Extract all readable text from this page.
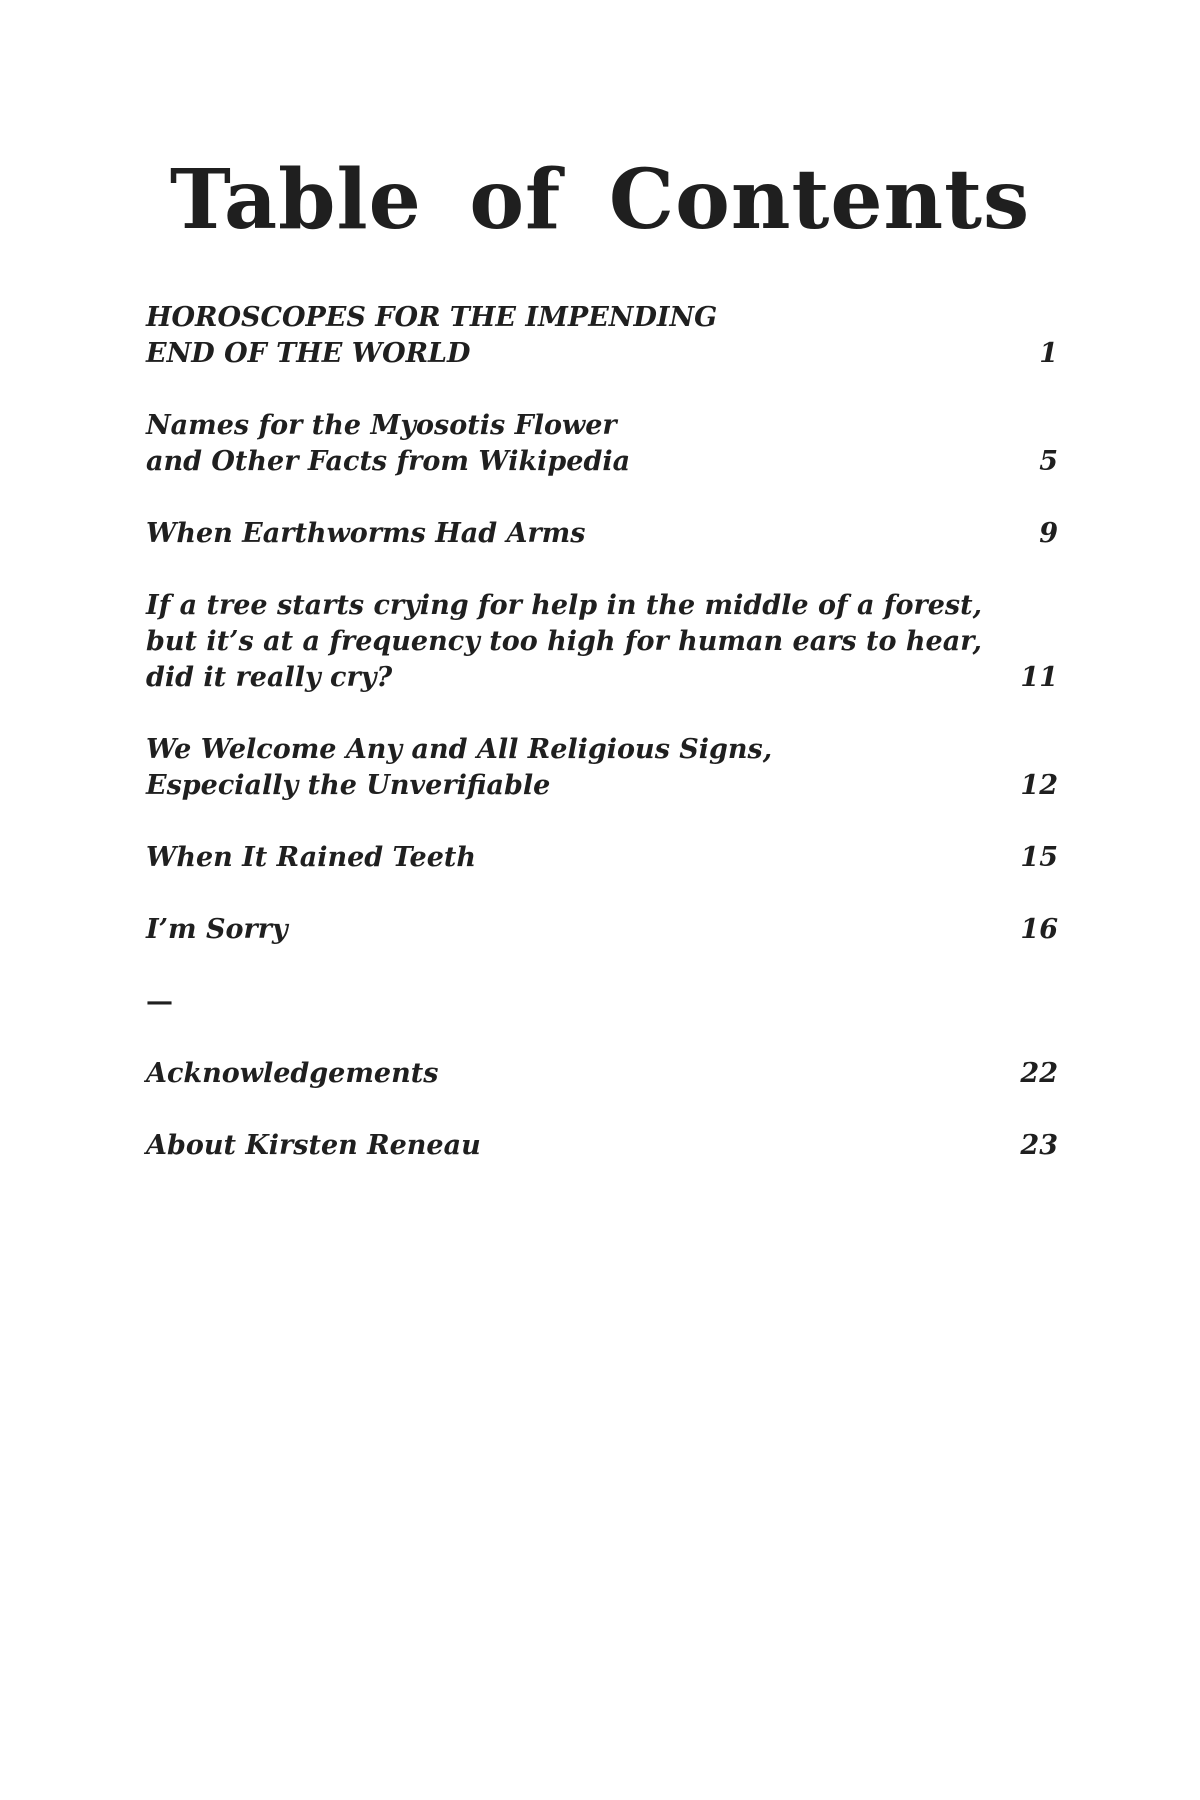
Table of Contents
HOROSCOPES FOR THE IMPENDING
END OF THE WORLD	1
Names for the Myosotis Flower
and Other Facts from Wikipedia	5
When Earthworms Had Arms	9
If a tree starts crying for help in the middle of a forest,
but it’s at a frequency too high for human ears to hear,
did it really cry?	11
We Welcome Any and All Religious Signs,
Especially the Unverifiable	12
When It Rained Teeth	15
I’m Sorry	16
—
Acknowledgements	22
About Kirsten Reneau	23
